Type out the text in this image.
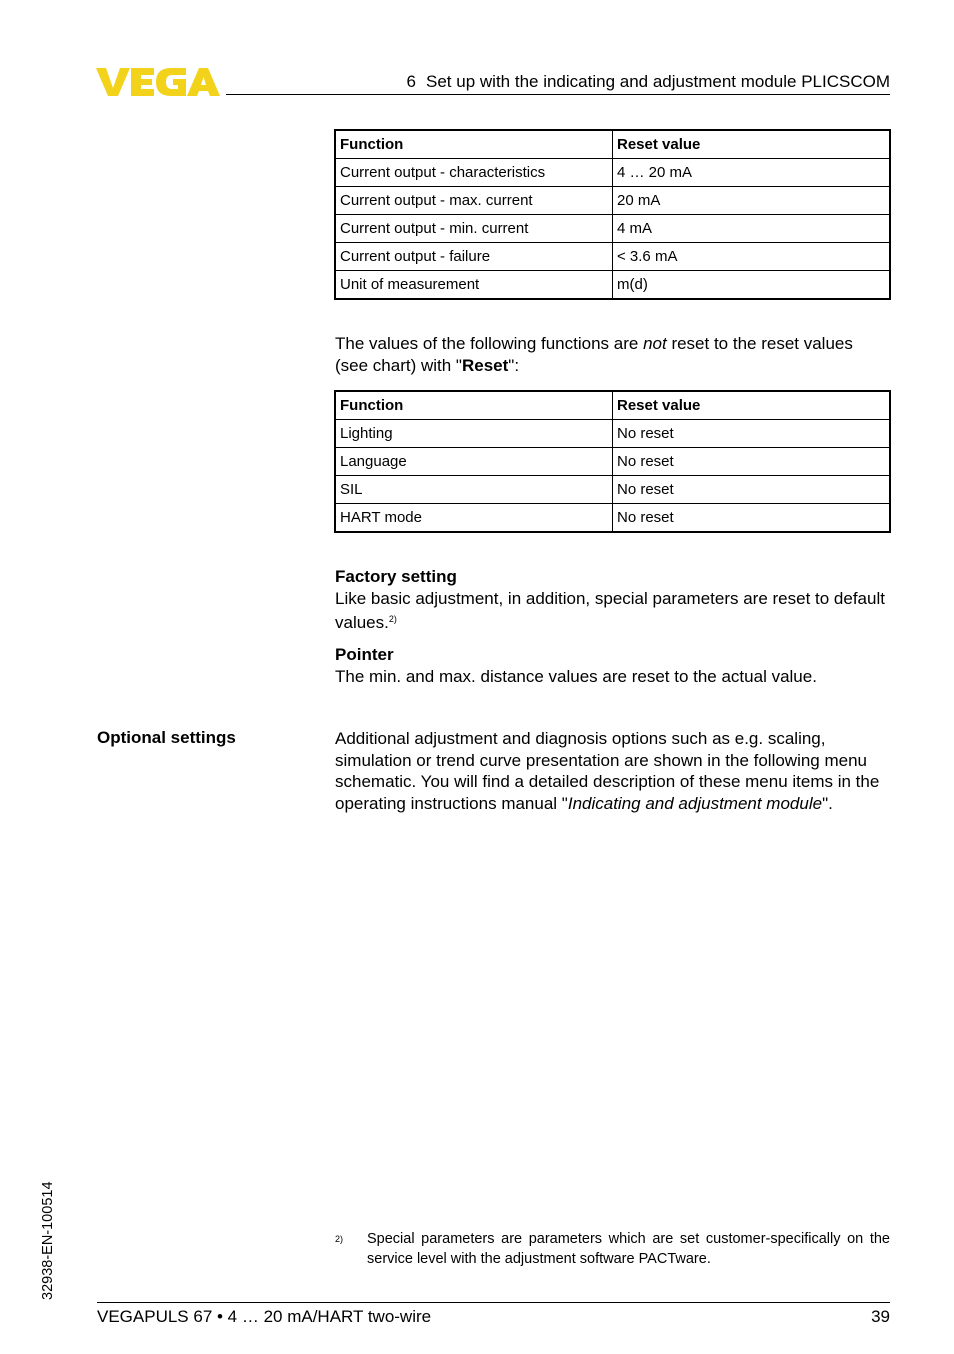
6 Set up with the indicating and adjustment module PLICSCOM
Function	Reset value
Current output - characteristics	4 … 20 mA
Current output - max. current	20 mA
Current output - min. current	4 mA
Current output - failure	< 3.6 mA
Unit of measurement	m(d)
The values of the following functions are not reset to the reset values (see chart) with "Reset":
Function	Reset value
Lighting	No reset
Language	No reset
SIL	No reset
HART mode	No reset
Factory setting
Like basic adjustment, in addition, special parameters are reset to default values.$^{2)}$
Pointer
The min. and max. distance values are reset to the actual value.
Optional settings	Additional adjustment and diagnosis options such as e.g. scaling, simulation or trend curve presentation are shown in the following menu schematic. You will find a detailed description of these menu items in the operating instructions manual "Indicating and adjustment module".
2) Special parameters are parameters which are set customer-specifically on the service level with the adjustment software PACTware.
32938-EN-100514
VEGAPULS 67 • 4 … 20 mA/HART two-wire	39
